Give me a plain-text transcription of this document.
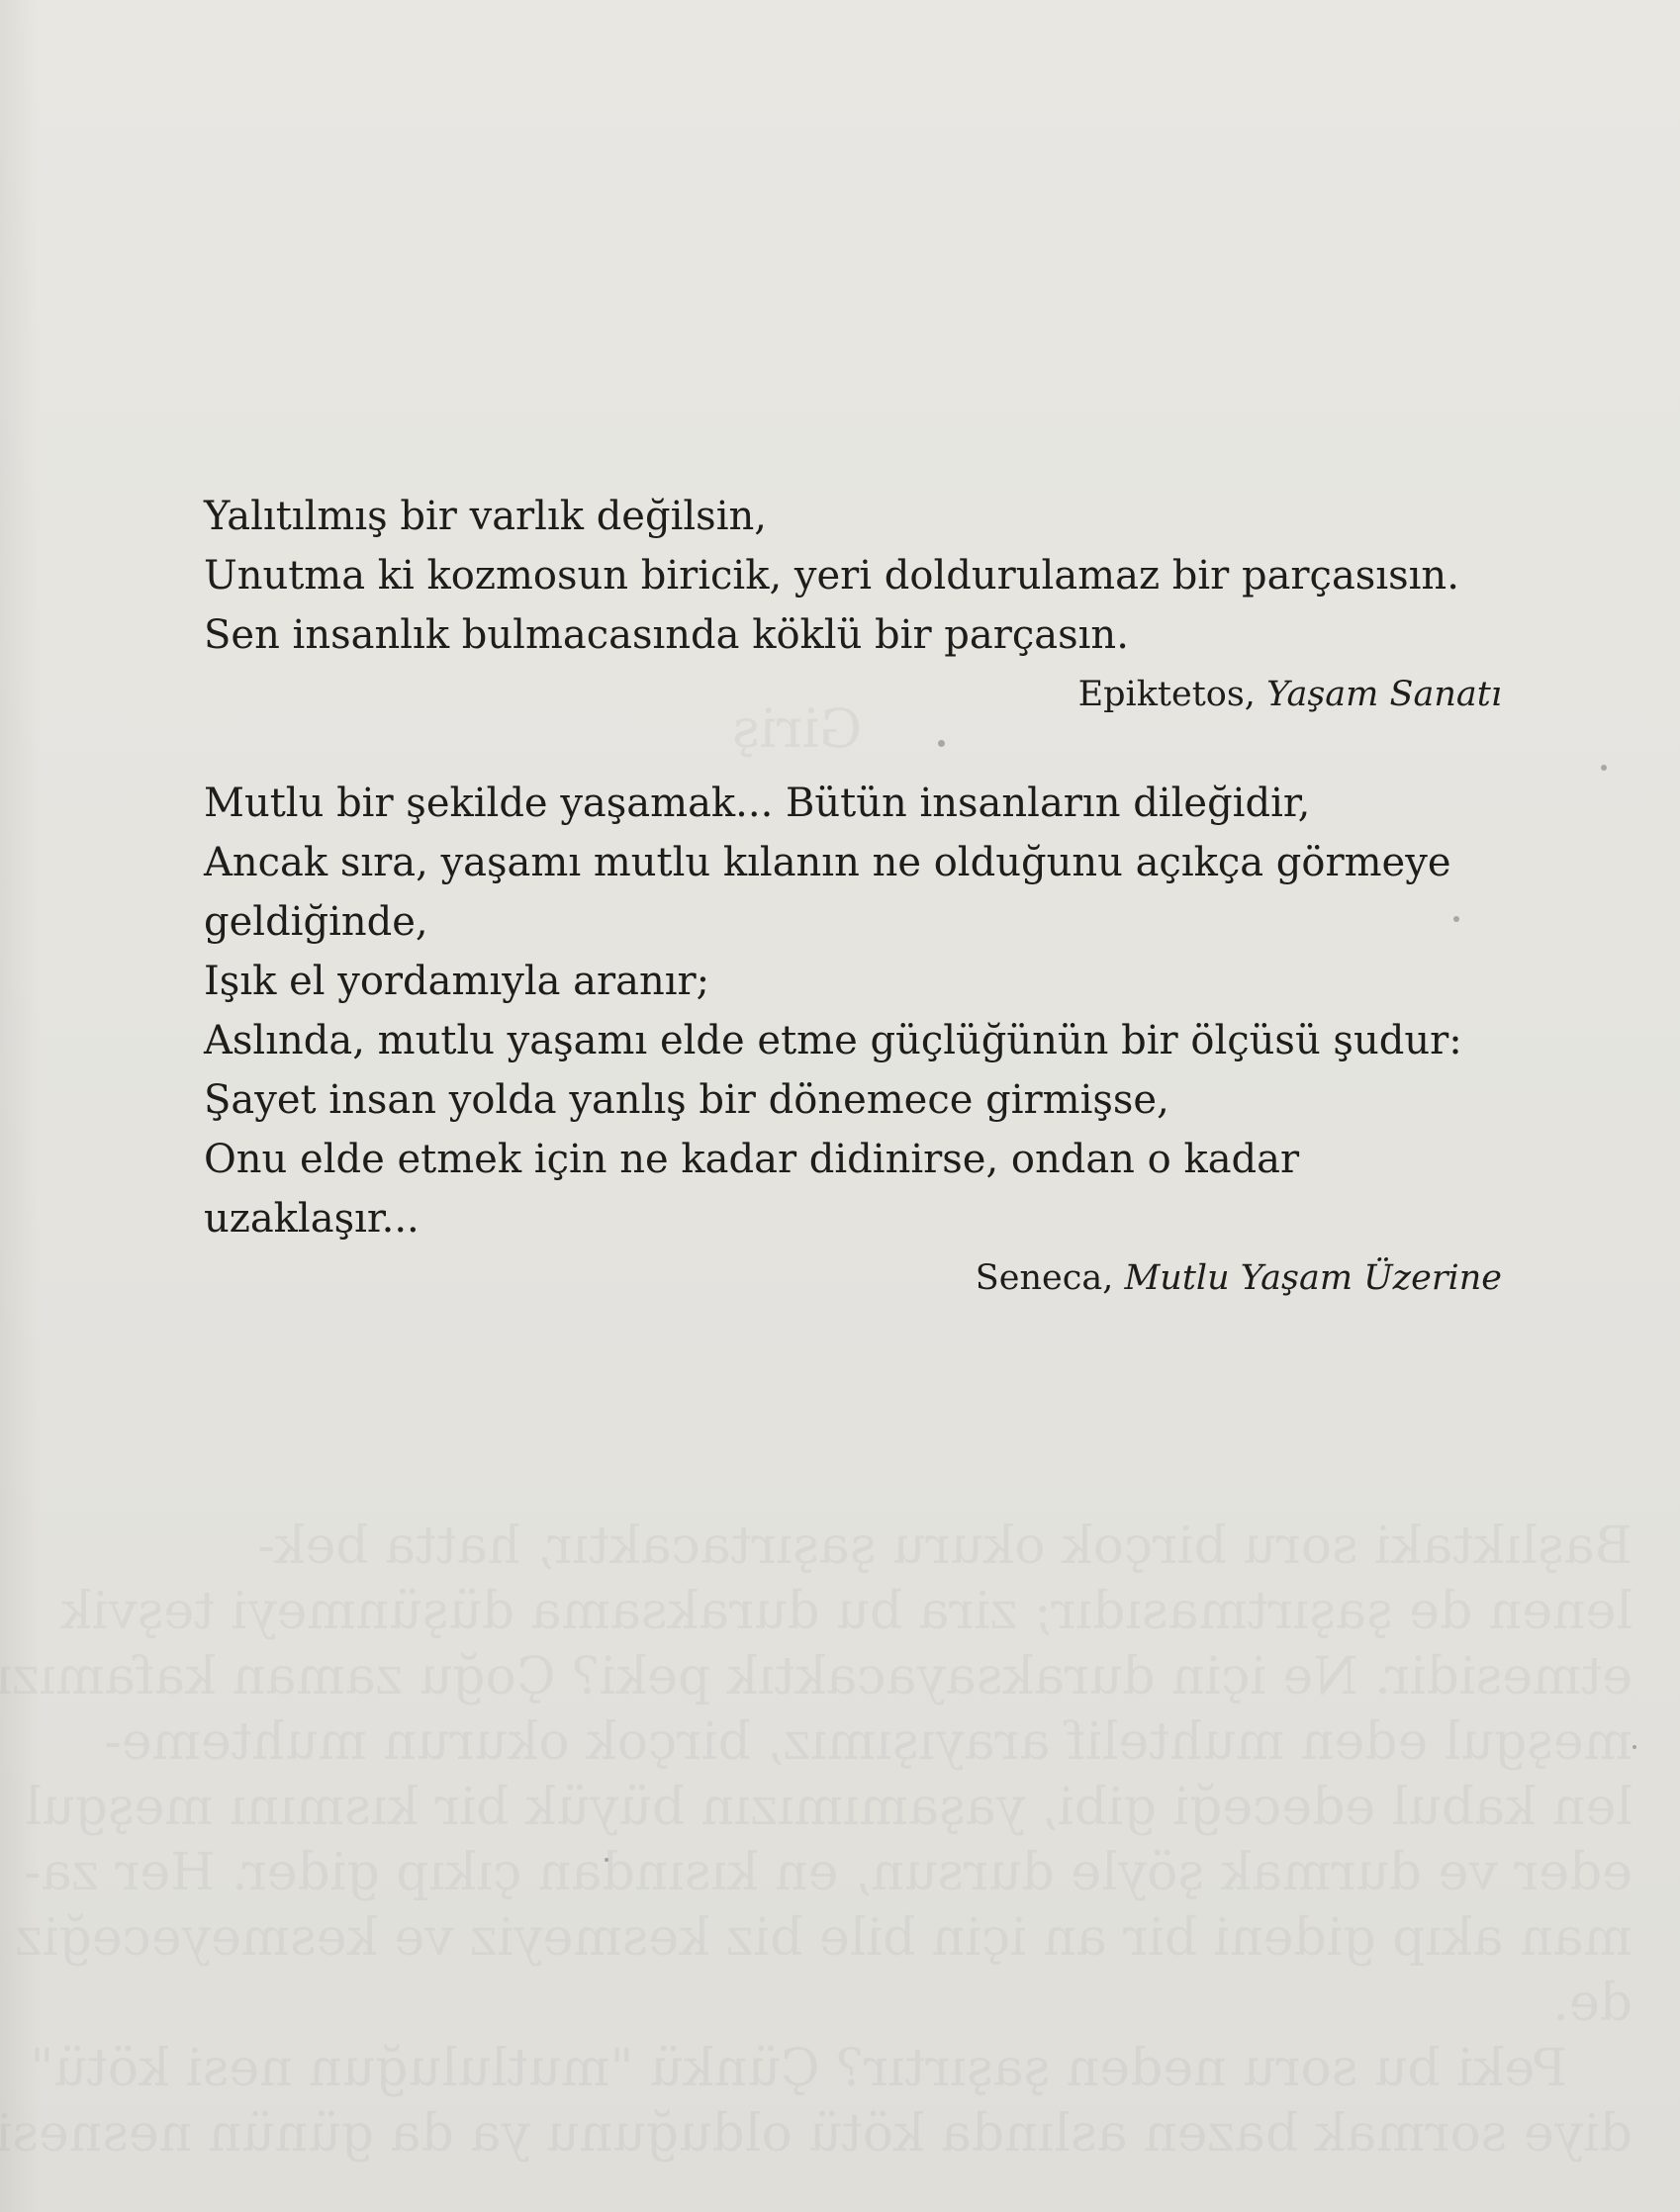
Giriş
Yalıtılmış bir varlık değilsin,
Unutma ki kozmosun biricik, yeri doldurulamaz bir parçasısın.
Sen insanlık bulmacasında köklü bir parçasın.
Epiktetos, Yaşam Sanatı
Mutlu bir şekilde yaşamak... Bütün insanların dileğidir,
Ancak sıra, yaşamı mutlu kılanın ne olduğunu açıkça görmeye
geldiğinde,
Işık el yordamıyla aranır;
Aslında, mutlu yaşamı elde etme güçlüğünün bir ölçüsü şudur:
Şayet insan yolda yanlış bir dönemece girmişse,
Onu elde etmek için ne kadar didinirse, ondan o kadar
uzaklaşır...
Seneca, Mutlu Yaşam Üzerine
